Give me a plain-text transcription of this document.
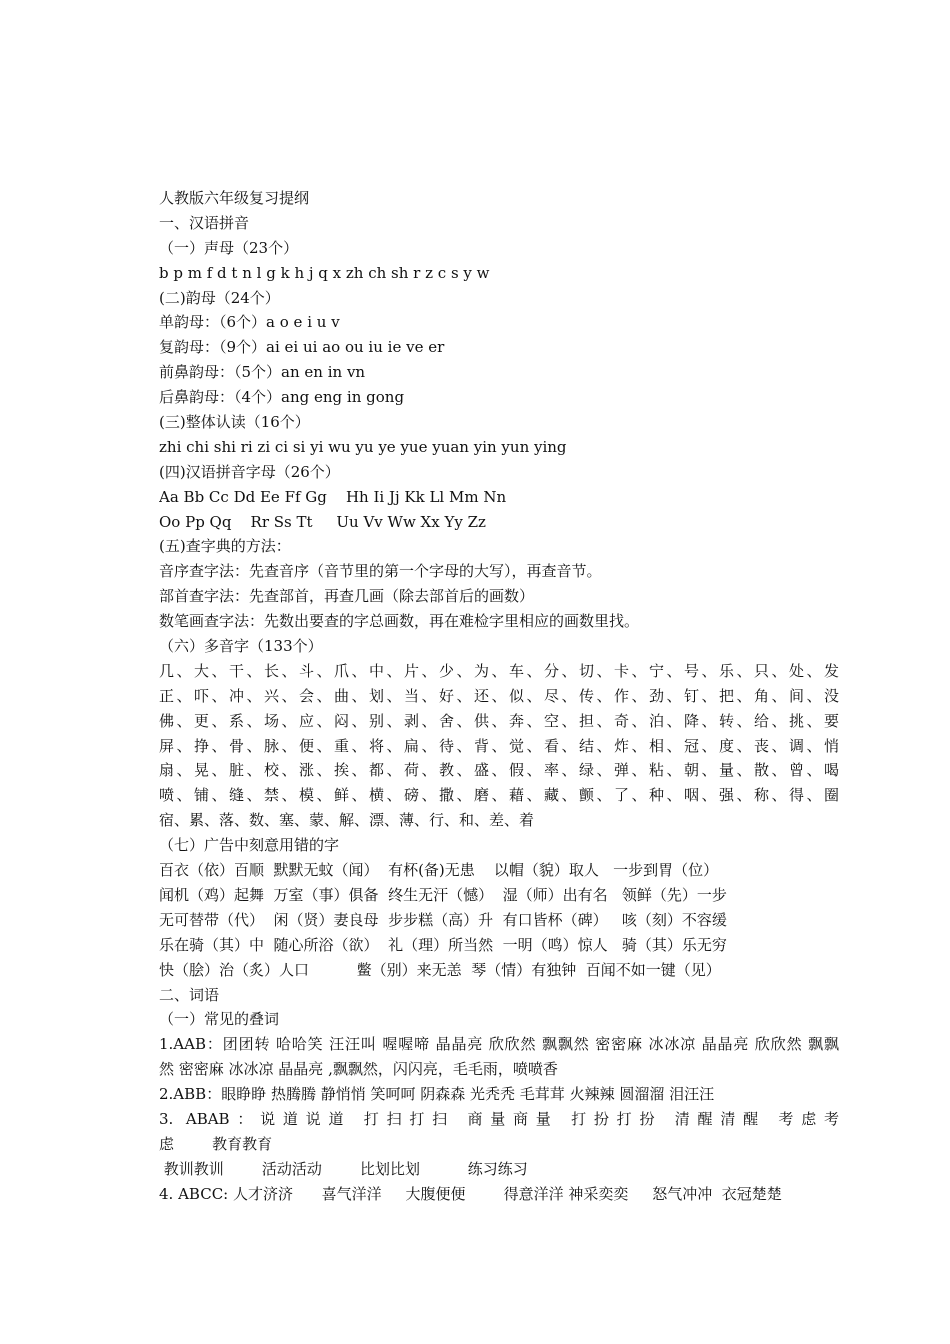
人教版六年级复习提纲
一、汉语拼音
（一）声母（23个）
b p m f d t n l g k h j q x zh ch sh r z c s y w
(二)韵母（24个）
单韵母：（6个）a o e i u v
复韵母：（9个）ai ei ui ao ou iu ie ve er
前鼻韵母：（5个）an en in vn
后鼻韵母：（4个）ang eng in gong
(三)整体认读（16个）
zhi chi shi ri zi ci si yi wu yu ye yue yuan yin yun ying
(四)汉语拼音字母（26个）
Aa Bb Cc Dd Ee Ff Gg    Hh Ii Jj Kk Ll Mm Nn
Oo Pp Qq    Rr Ss Tt     Uu Vv Ww Xx Yy Zz
(五)查字典的方法：
音序查字法：先查音序（音节里的第一个字母的大写），再查音节。
部首查字法：先查部首，再查几画（除去部首后的画数）
数笔画查字法：先数出要查的字总画数，再在难检字里相应的画数里找。
（六）多音字（133个）
几、大、干、长、斗、爪、中、片、少、为、车、分、切、卡、宁、号、乐、只、处、发
正、吓、冲、兴、会、曲、划、当、好、还、似、尽、传、作、劲、钉、把、角、间、没
佛、更、系、场、应、闷、别、剥、舍、供、奔、空、担、奇、泊、降、转、给、挑、要
屏、挣、骨、脉、便、重、将、扁、待、背、觉、看、结、炸、相、冠、度、丧、调、悄
扇、晃、脏、校、涨、挨、都、荷、教、盛、假、率、绿、弹、粘、朝、量、散、曾、喝
喷、铺、缝、禁、模、鲜、横、磅、撒、磨、藉、藏、颤、了、种、咽、强、称、得、圈
宿、累、落、数、塞、蒙、解、漂、薄、行、和、差、着
（七）广告中刻意用错的字
百衣（依）百顺  默默无蚊（闻）  有杯(备)无患    以帽（貌）取人   一步到胃（位）
闻机（鸡）起舞  万室（事）俱备  终生无汗（憾）  湿（师）出有名   领鲜（先）一步
无可替带（代）  闲（贤）妻良母  步步糕（高）升  有口皆杯（碑）   咳（刻）不容缓
乐在骑（其）中  随心所浴（欲）  礼（理）所当然  一明（鸣）惊人   骑（其）乐无穷
快（脍）治（炙）人口          鳖（别）来无恙  琴（情）有独钟  百闻不如一键（见）
二、词语
（一）常见的叠词
1.AAB：团团转 哈哈笑 汪汪叫 喔喔啼 晶晶亮 欣欣然 飘飘然 密密麻 冰冰凉 晶晶亮 欣欣然 飘飘
然 密密麻 冰冰凉 晶晶亮 ,飘飘然，闪闪亮，毛毛雨，喷喷香
2.ABB：眼睁睁 热腾腾 静悄悄 笑呵呵 阴森森 光秃秃 毛茸茸 火辣辣 圆溜溜 泪汪汪
3. ABAB：说道说道 打扫打扫 商量商量 打扮打扮 清醒清醒 考虑考
虑        教育教育
教训教训        活动活动        比划比划          练习练习
4. ABCC: 人才济济      喜气洋洋     大腹便便        得意洋洋 神采奕奕     怒气冲冲  衣冠楚楚
